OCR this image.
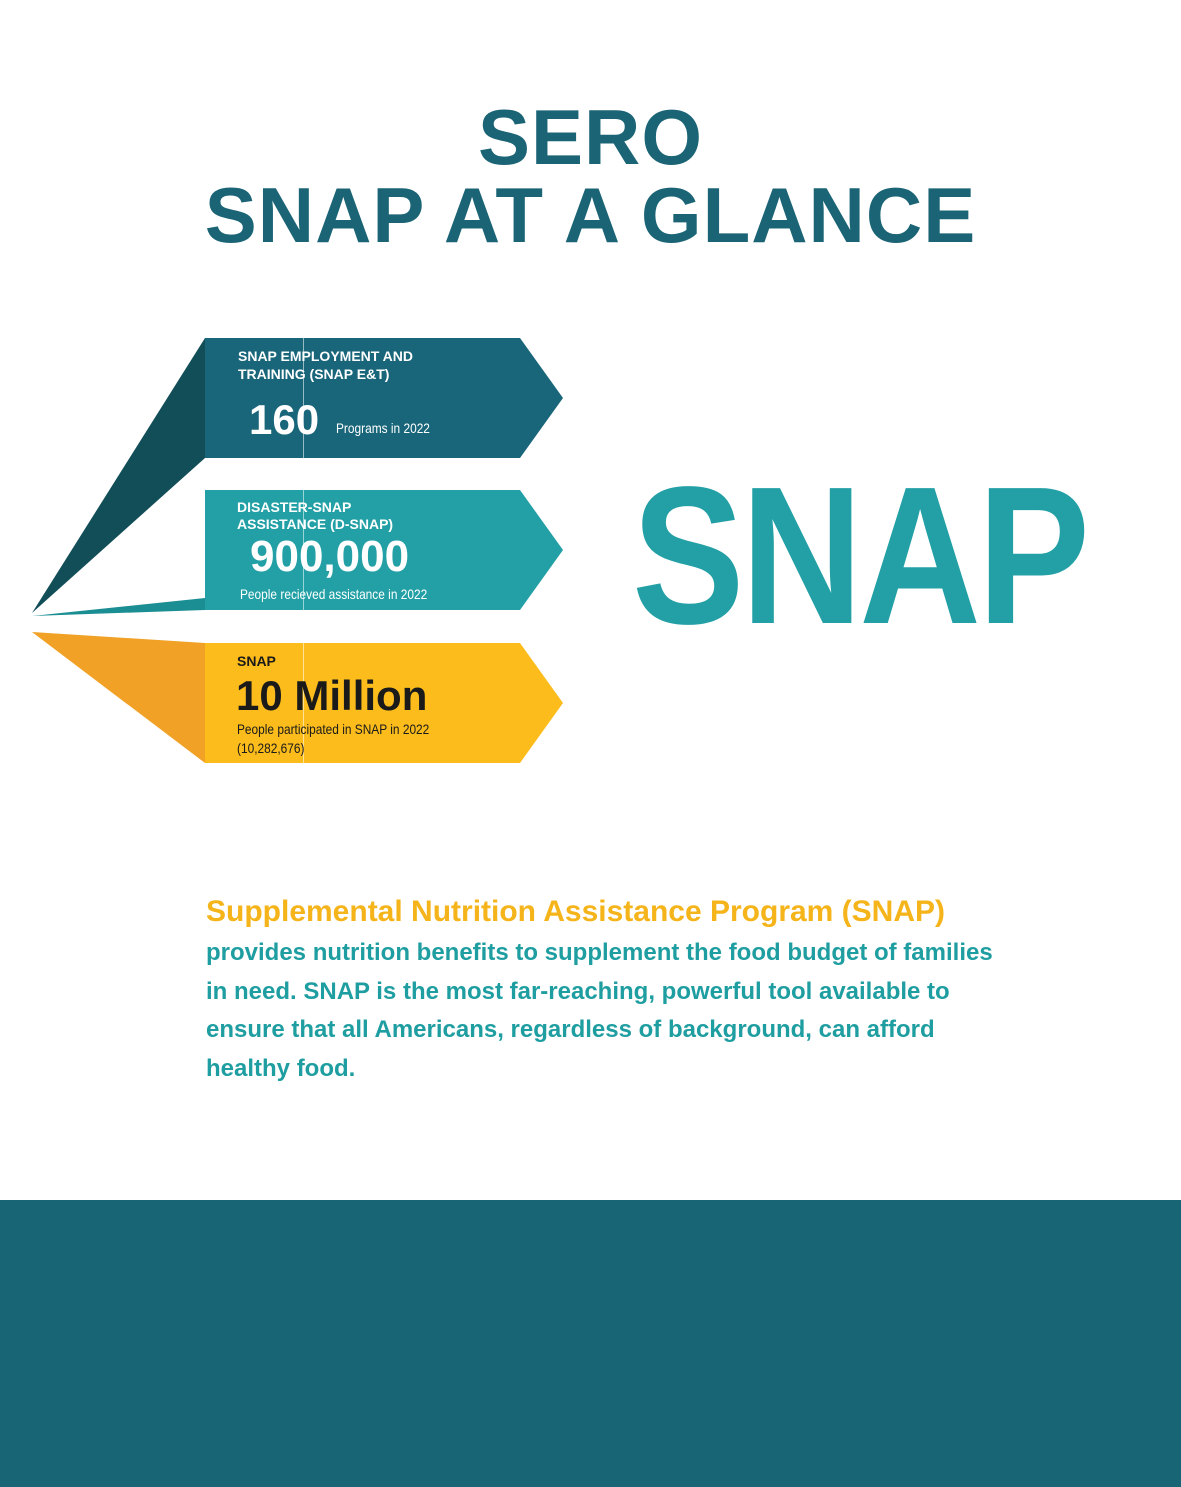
SERO
SNAP AT A GLANCE
SNAP EMPLOYMENT AND
TRAINING (SNAP E&T)
160 Programs in 2022
DISASTER-SNAP
ASSISTANCE (D-SNAP)
900,000
People recieved assistance in 2022
SNAP
10 Million
People participated in SNAP in 2022
(10,282,676)
SNAP
Supplemental Nutrition Assistance Program (SNAP)
provides nutrition benefits to supplement the food budget of families in need. SNAP is the most far-reaching, powerful tool available to ensure that all Americans, regardless of background, can afford healthy food.
